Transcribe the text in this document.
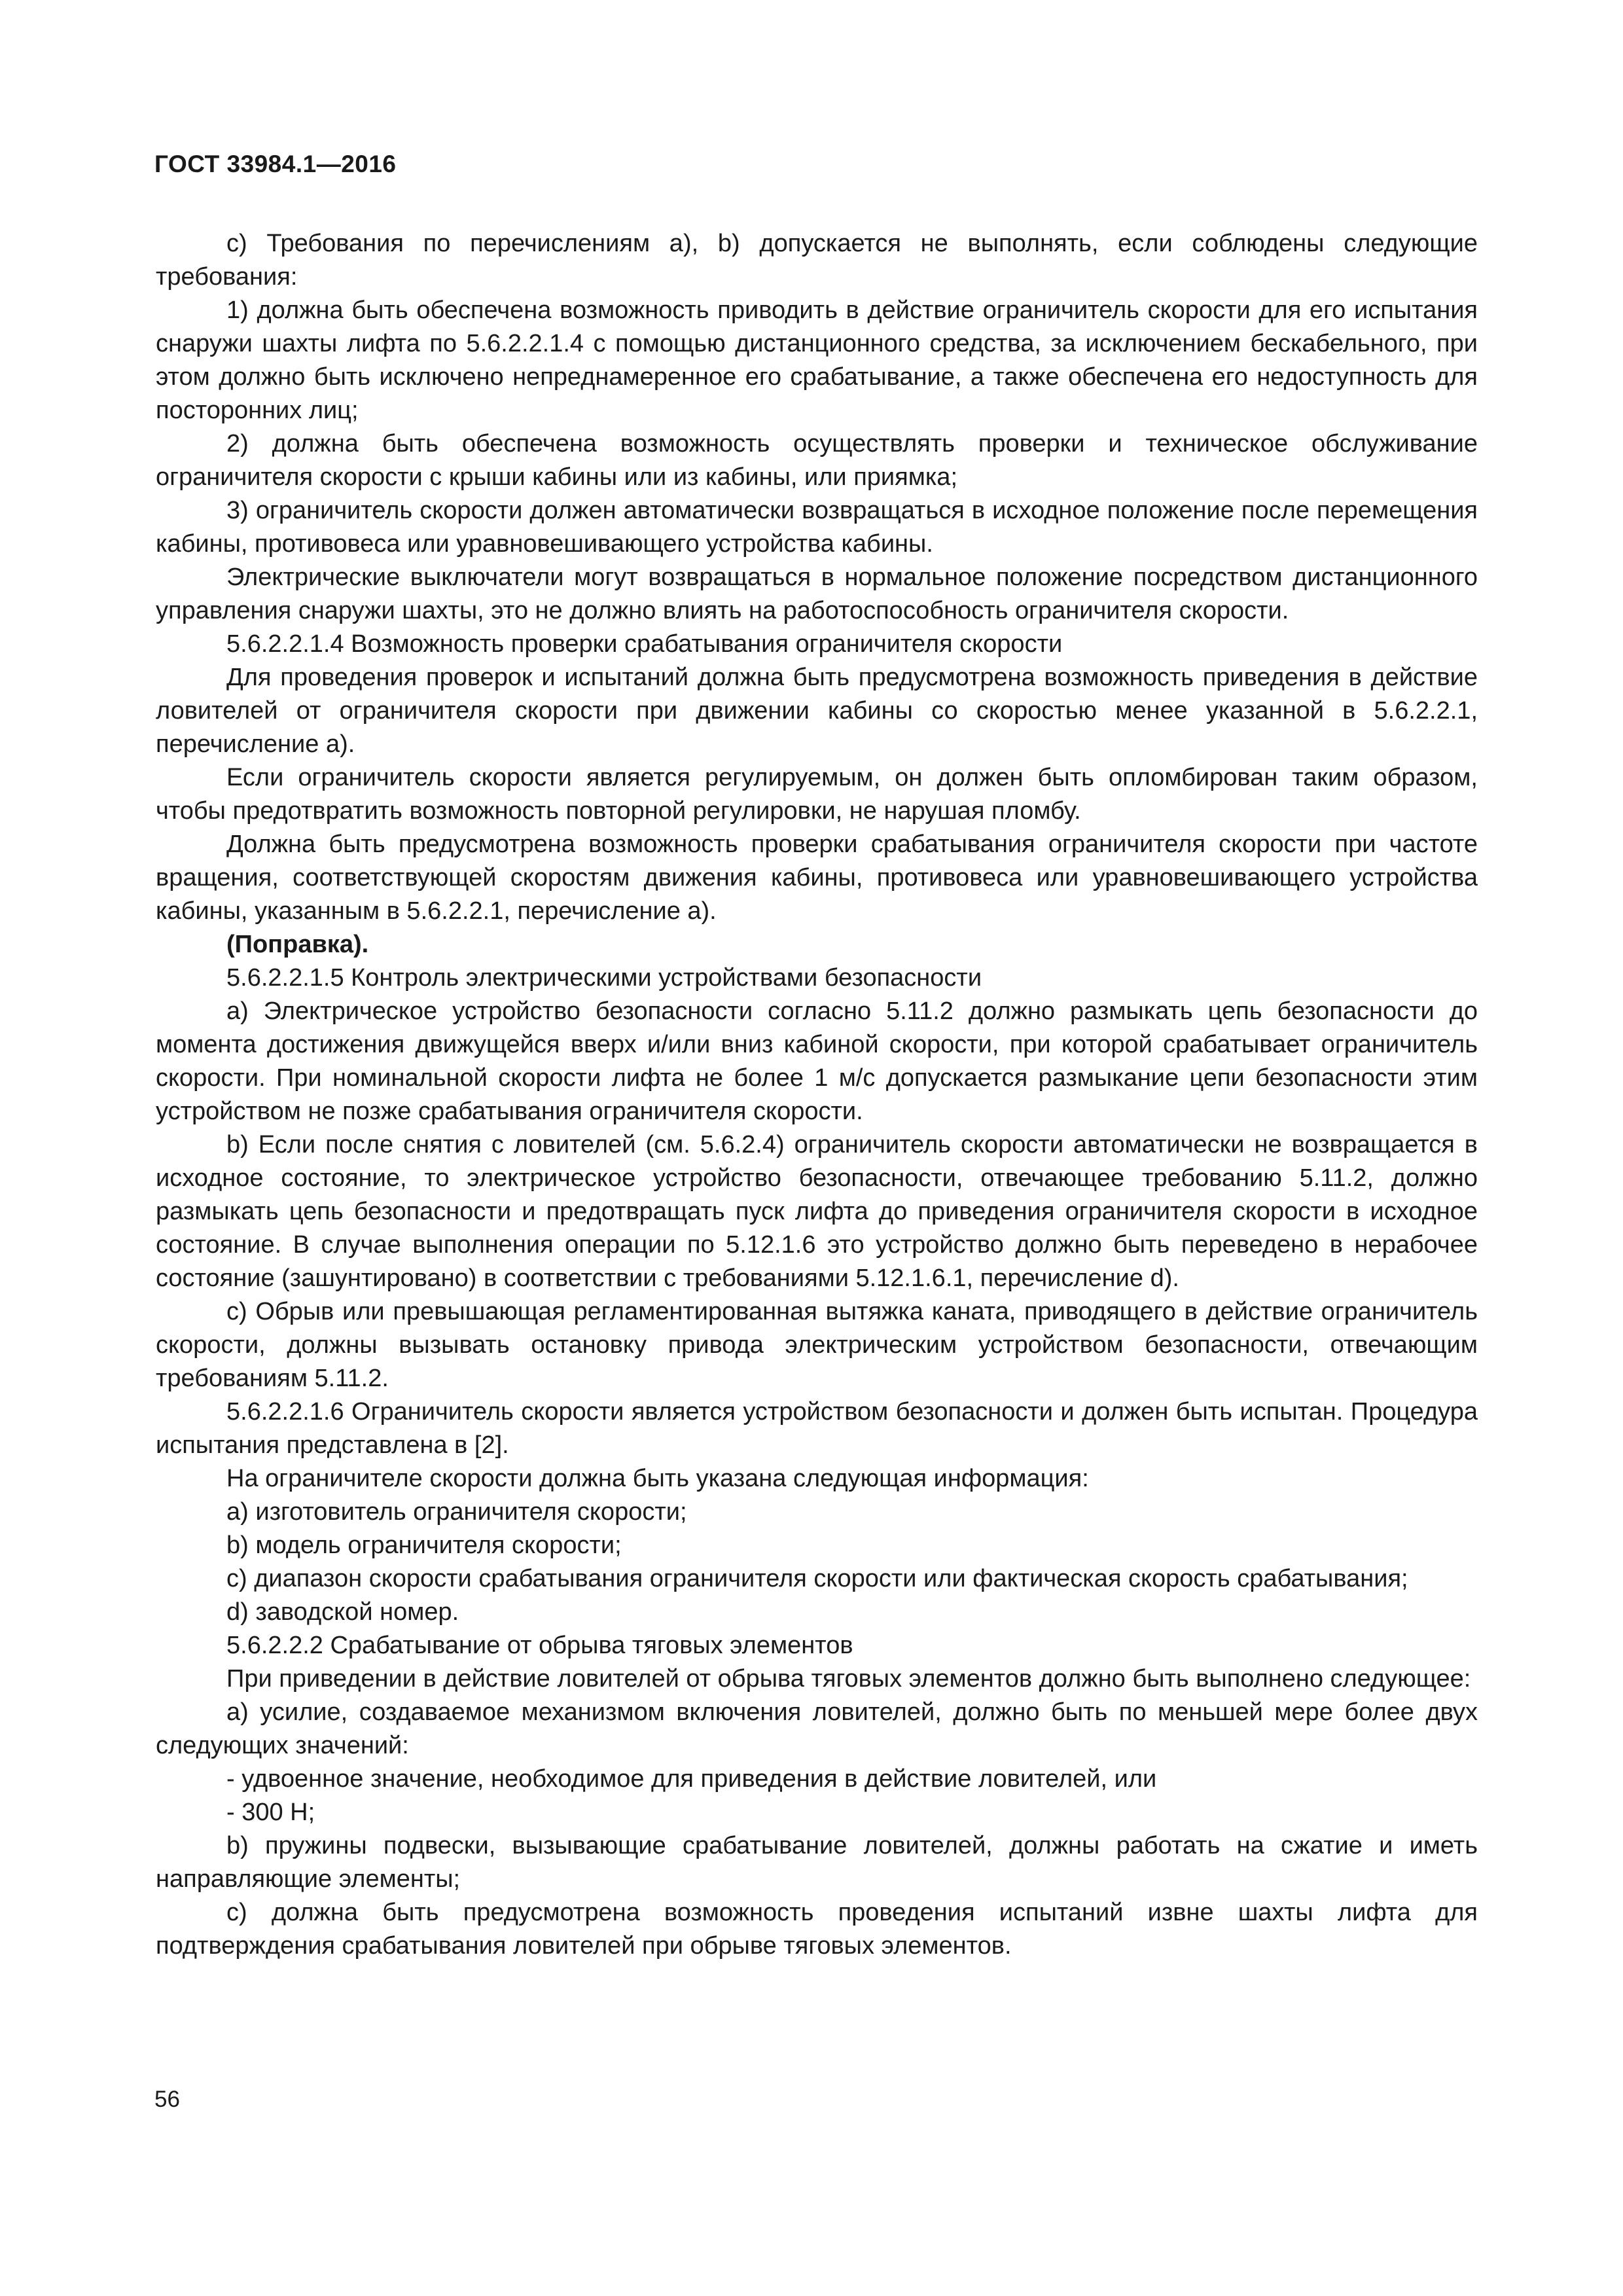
ГОСТ 33984.1—2016

с) Требования по перечислениям а), b) допускается не выполнять, если соблюдены следующие требования:

1) должна быть обеспечена возможность приводить в действие ограничитель скорости для его испытания снаружи шахты лифта по 5.6.2.2.1.4 с помощью дистанционного средства, за исключением бескабельного, при этом должно быть исключено непреднамеренное его срабатывание, а также обеспечена его недоступность для посторонних лиц;

2) должна быть обеспечена возможность осуществлять проверки и техническое обслуживание ограничителя скорости с крыши кабины или из кабины, или приямка;

3) ограничитель скорости должен автоматически возвращаться в исходное положение после перемещения кабины, противовеса или уравновешивающего устройства кабины.

Электрические выключатели могут возвращаться в нормальное положение посредством дистанционного управления снаружи шахты, это не должно влиять на работоспособность ограничителя скорости.

5.6.2.2.1.4 Возможность проверки срабатывания ограничителя скорости

Для проведения проверок и испытаний должна быть предусмотрена возможность приведения в действие ловителей от ограничителя скорости при движении кабины со скоростью менее указанной в 5.6.2.2.1, перечисление а).

Если ограничитель скорости является регулируемым, он должен быть опломбирован таким образом, чтобы предотвратить возможность повторной регулировки, не нарушая пломбу.

Должна быть предусмотрена возможность проверки срабатывания ограничителя скорости при частоте вращения, соответствующей скоростям движения кабины, противовеса или уравновешивающего устройства кабины, указанным в 5.6.2.2.1, перечисление а).

(Поправка).

5.6.2.2.1.5 Контроль электрическими устройствами безопасности

а) Электрическое устройство безопасности согласно 5.11.2 должно размыкать цепь безопасности до момента достижения движущейся вверх и/или вниз кабиной скорости, при которой срабатывает ограничитель скорости. При номинальной скорости лифта не более 1 м/с допускается размыкание цепи безопасности этим устройством не позже срабатывания ограничителя скорости.

b) Если после снятия с ловителей (см. 5.6.2.4) ограничитель скорости автоматически не возвращается в исходное состояние, то электрическое устройство безопасности, отвечающее требованию 5.11.2, должно размыкать цепь безопасности и предотвращать пуск лифта до приведения ограничителя скорости в исходное состояние. В случае выполнения операции по 5.12.1.6 это устройство должно быть переведено в нерабочее состояние (зашунтировано) в соответствии с требованиями 5.12.1.6.1, перечисление d).

с) Обрыв или превышающая регламентированная вытяжка каната, приводящего в действие ограничитель скорости, должны вызывать остановку привода электрическим устройством безопасности, отвечающим требованиям 5.11.2.

5.6.2.2.1.6 Ограничитель скорости является устройством безопасности и должен быть испытан. Процедура испытания представлена в [2].

На ограничителе скорости должна быть указана следующая информация:

а) изготовитель ограничителя скорости;

b) модель ограничителя скорости;

с) диапазон скорости срабатывания ограничителя скорости или фактическая скорость срабатывания;

d) заводской номер.

5.6.2.2.2 Срабатывание от обрыва тяговых элементов

При приведении в действие ловителей от обрыва тяговых элементов должно быть выполнено следующее:

а) усилие, создаваемое механизмом включения ловителей, должно быть по меньшей мере более двух следующих значений:

- удвоенное значение, необходимое для приведения в действие ловителей, или

- 300 Н;

b) пружины подвески, вызывающие срабатывание ловителей, должны работать на сжатие и иметь направляющие элементы;

с) должна быть предусмотрена возможность проведения испытаний извне шахты лифта для подтверждения срабатывания ловителей при обрыве тяговых элементов.

56
